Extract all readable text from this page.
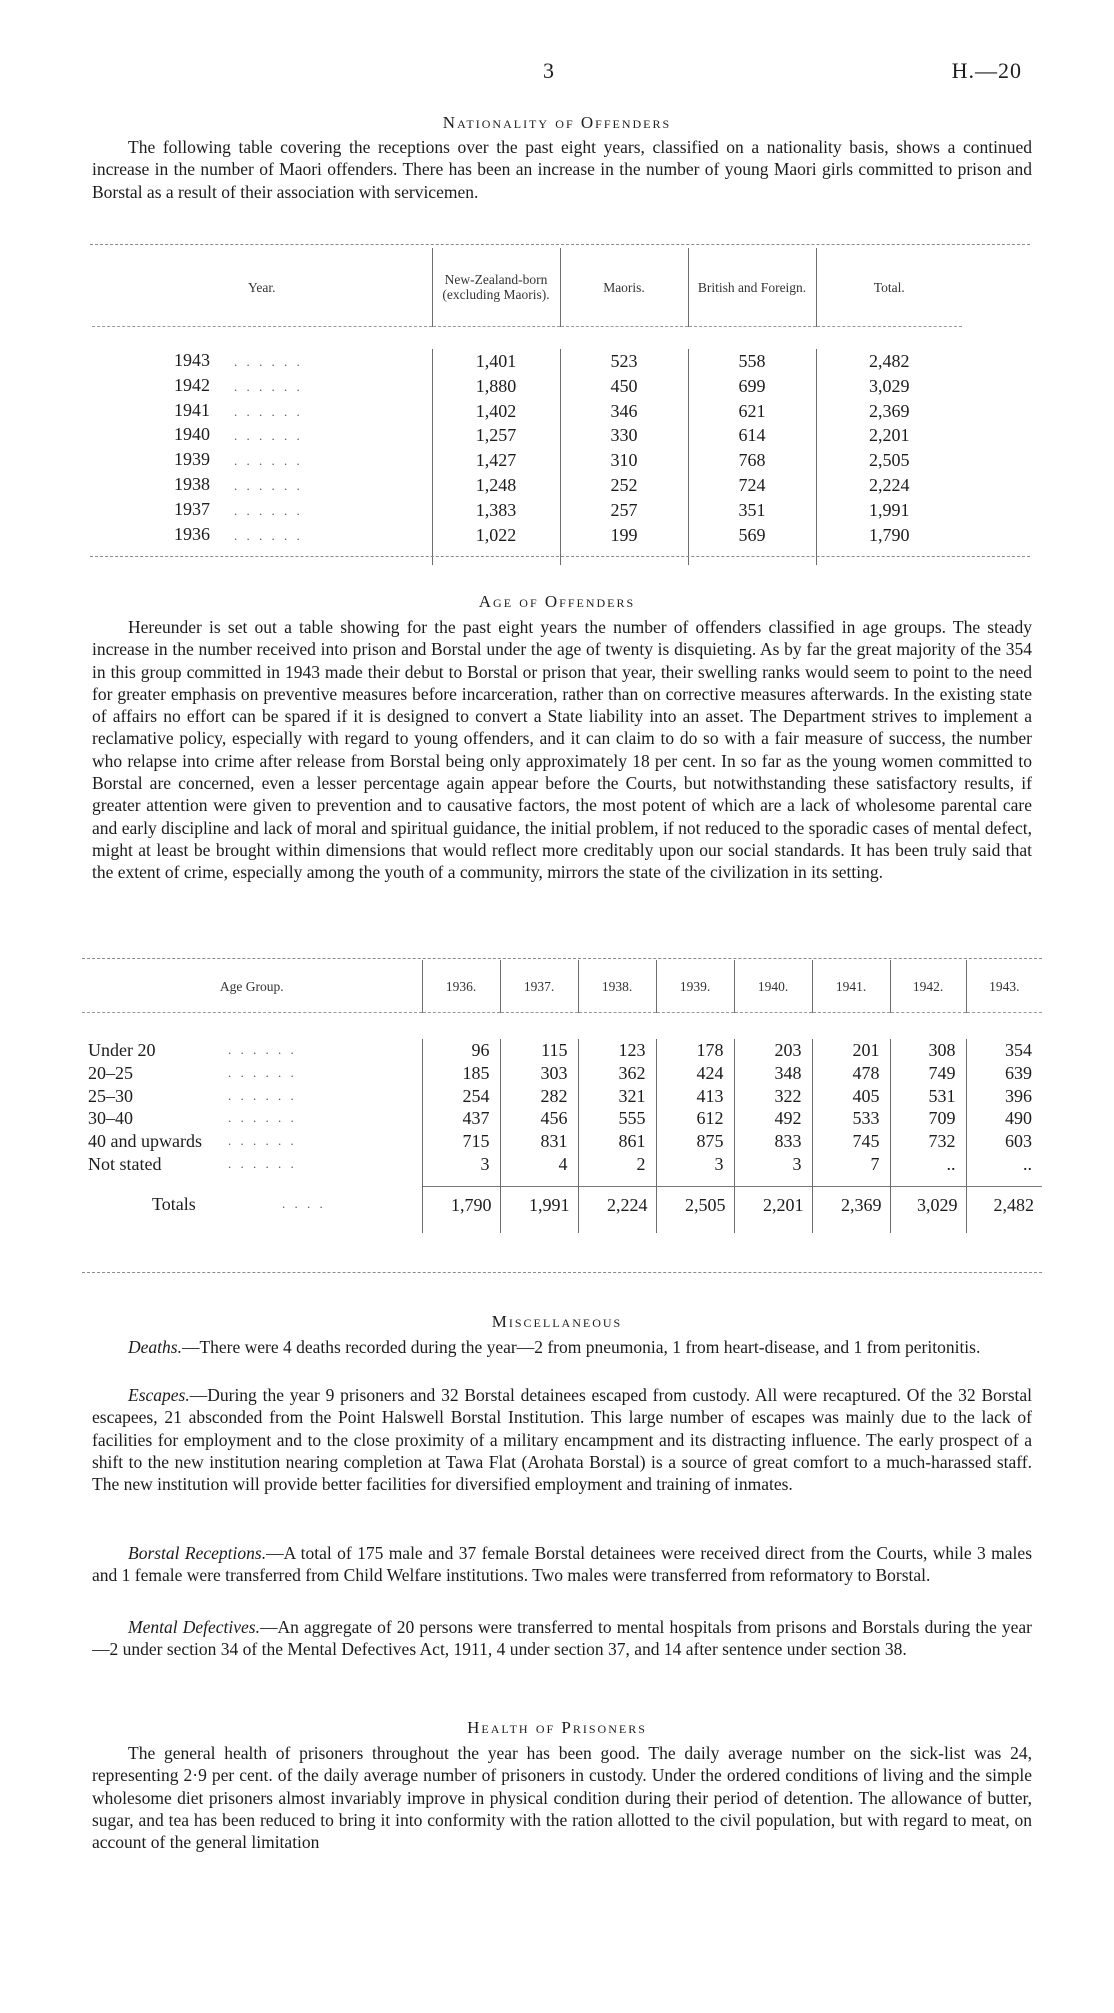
3	H.—20
Nationality of Offenders

The following table covering the receptions over the past eight years, classified on a nationality basis, shows a continued increase in the number of Maori offenders. There has been an increase in the number of young Maori girls committed to prison and Borstal as a result of their association with servicemen.

Year.	New-Zealand-born (excluding Maoris).	Maoris.	British and Foreign.	Total.

1943 . . . . . .	1,401	523	558	2,482
1942 . . . . . .	1,880	450	699	3,029
1941 . . . . . .	1,402	346	621	2,369
1940 . . . . . .	1,257	330	614	2,201
1939 . . . . . .	1,427	310	768	2,505
1938 . . . . . .	1,248	252	724	2,224
1937 . . . . . .	1,383	257	351	1,991
1936 . . . . . .	1,022	199	569	1,790

Age of Offenders

Hereunder is set out a table showing for the past eight years the number of offenders classified in age groups. The steady increase in the number received into prison and Borstal under the age of twenty is disquieting. As by far the great majority of the 354 in this group committed in 1943 made their debut to Borstal or prison that year, their swelling ranks would seem to point to the need for greater emphasis on preventive measures before incarceration, rather than on corrective measures afterwards. In the existing state of affairs no effort can be spared if it is designed to convert a State liability into an asset. The Department strives to implement a reclamative policy, especially with regard to young offenders, and it can claim to do so with a fair measure of success, the number who relapse into crime after release from Borstal being only approximately 18 per cent. In so far as the young women committed to Borstal are concerned, even a lesser percentage again appear before the Courts, but notwithstanding these satisfactory results, if greater attention were given to prevention and to causative factors, the most potent of which are a lack of wholesome parental care and early discipline and lack of moral and spiritual guidance, the initial problem, if not reduced to the sporadic cases of mental defect, might at least be brought within dimensions that would reflect more creditably upon our social standards. It has been truly said that the extent of crime, especially among the youth of a community, mirrors the state of the civilization in its setting.

Age Group.	1936.	1937.	1938.	1939.	1940.	1941.	1942.	1943.

Under 20 . . . . . .	96	115	123	178	203	201	308	354
20–25 . . . . . .	185	303	362	424	348	478	749	639
25–30 . . . . . .	254	282	321	413	322	405	531	396
30–40 . . . . . .	437	456	555	612	492	533	709	490
40 and upwards . . . . . .	715	831	861	875	833	745	732	603
Not stated . . . . . .	3	4	2	3	3	7	..	..

Totals . . . .	1,790	1,991	2,224	2,505	2,201	2,369	3,029	2,482

Miscellaneous

Deaths.—There were 4 deaths recorded during the year—2 from pneumonia, 1 from heart-disease, and 1 from peritonitis.

Escapes.—During the year 9 prisoners and 32 Borstal detainees escaped from custody. All were recaptured. Of the 32 Borstal escapees, 21 absconded from the Point Halswell Borstal Institution. This large number of escapes was mainly due to the lack of facilities for employment and to the close proximity of a military encampment and its distracting influence. The early prospect of a shift to the new institution nearing completion at Tawa Flat (Arohata Borstal) is a source of great comfort to a much-harassed staff. The new institution will provide better facilities for diversified employment and training of inmates.

Borstal Receptions.—A total of 175 male and 37 female Borstal detainees were received direct from the Courts, while 3 males and 1 female were transferred from Child Welfare institutions. Two males were transferred from reformatory to Borstal.

Mental Defectives.—An aggregate of 20 persons were transferred to mental hospitals from prisons and Borstals during the year—2 under section 34 of the Mental Defectives Act, 1911, 4 under section 37, and 14 after sentence under section 38.

Health of Prisoners

The general health of prisoners throughout the year has been good. The daily average number on the sick-list was 24, representing 2·9 per cent. of the daily average number of prisoners in custody. Under the ordered conditions of living and the simple wholesome diet prisoners almost invariably improve in physical condition during their period of detention. The allowance of butter, sugar, and tea has been reduced to bring it into conformity with the ration allotted to the civil population, but with regard to meat, on account of the general limitation
